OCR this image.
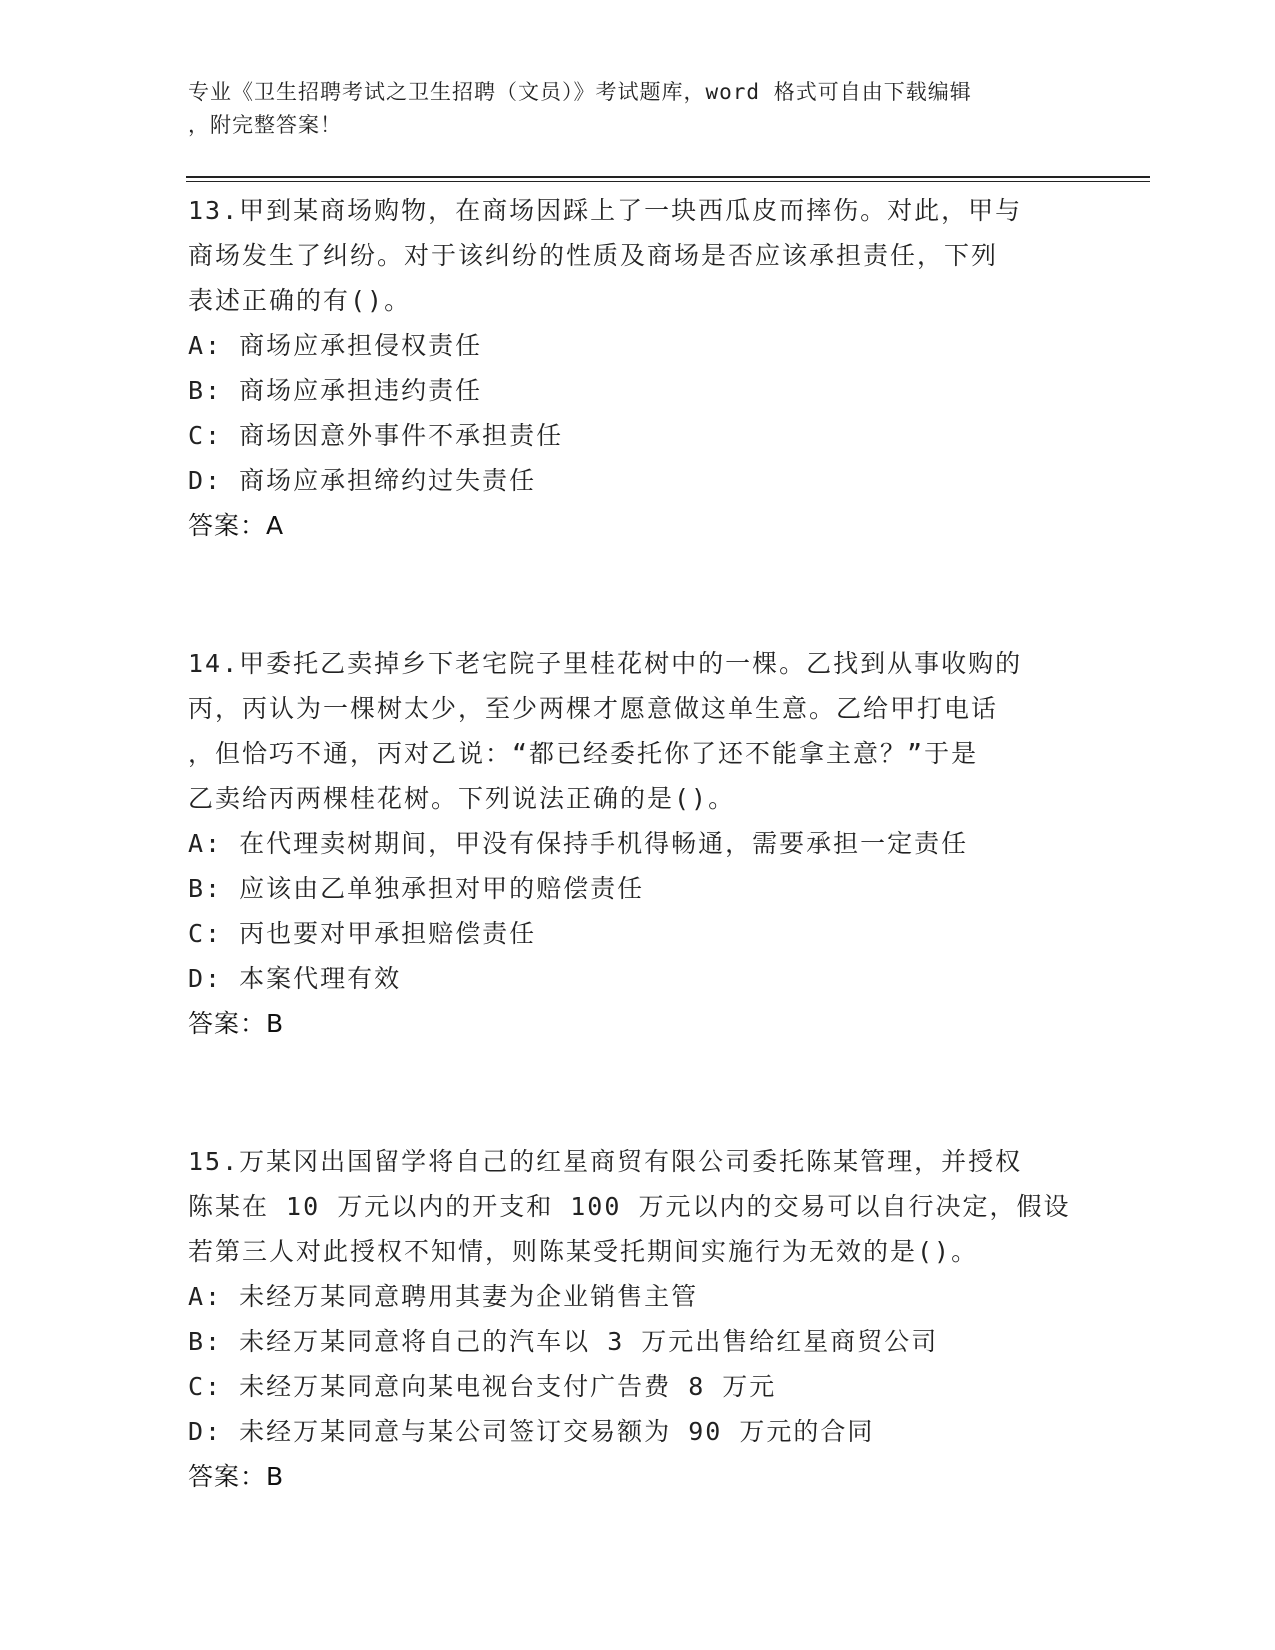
专业《卫生招聘考试之卫生招聘（文员）》考试题库，word 格式可自由下载编辑
，附完整答案！
13.甲到某商场购物，在商场因踩上了一块西瓜皮而摔伤。对此，甲与
商场发生了纠纷。对于该纠纷的性质及商场是否应该承担责任，下列
表述正确的有()。
A: 商场应承担侵权责任
B: 商场应承担违约责任
C: 商场因意外事件不承担责任
D: 商场应承担缔约过失责任
答案：A
14.甲委托乙卖掉乡下老宅院子里桂花树中的一棵。乙找到从事收购的
丙，丙认为一棵树太少，至少两棵才愿意做这单生意。乙给甲打电话
，但恰巧不通，丙对乙说：“都已经委托你了还不能拿主意？”于是
乙卖给丙两棵桂花树。下列说法正确的是()。
A: 在代理卖树期间，甲没有保持手机得畅通，需要承担一定责任
B: 应该由乙单独承担对甲的赔偿责任
C: 丙也要对甲承担赔偿责任
D: 本案代理有效
答案：B
15.万某冈出国留学将自己的红星商贸有限公司委托陈某管理，并授权
陈某在 10 万元以内的开支和 100 万元以内的交易可以自行决定，假设
若第三人对此授权不知情，则陈某受托期间实施行为无效的是()。
A: 未经万某同意聘用其妻为企业销售主管
B: 未经万某同意将自己的汽车以 3 万元出售给红星商贸公司
C: 未经万某同意向某电视台支付广告费 8 万元
D: 未经万某同意与某公司签订交易额为 90 万元的合同
答案：B
